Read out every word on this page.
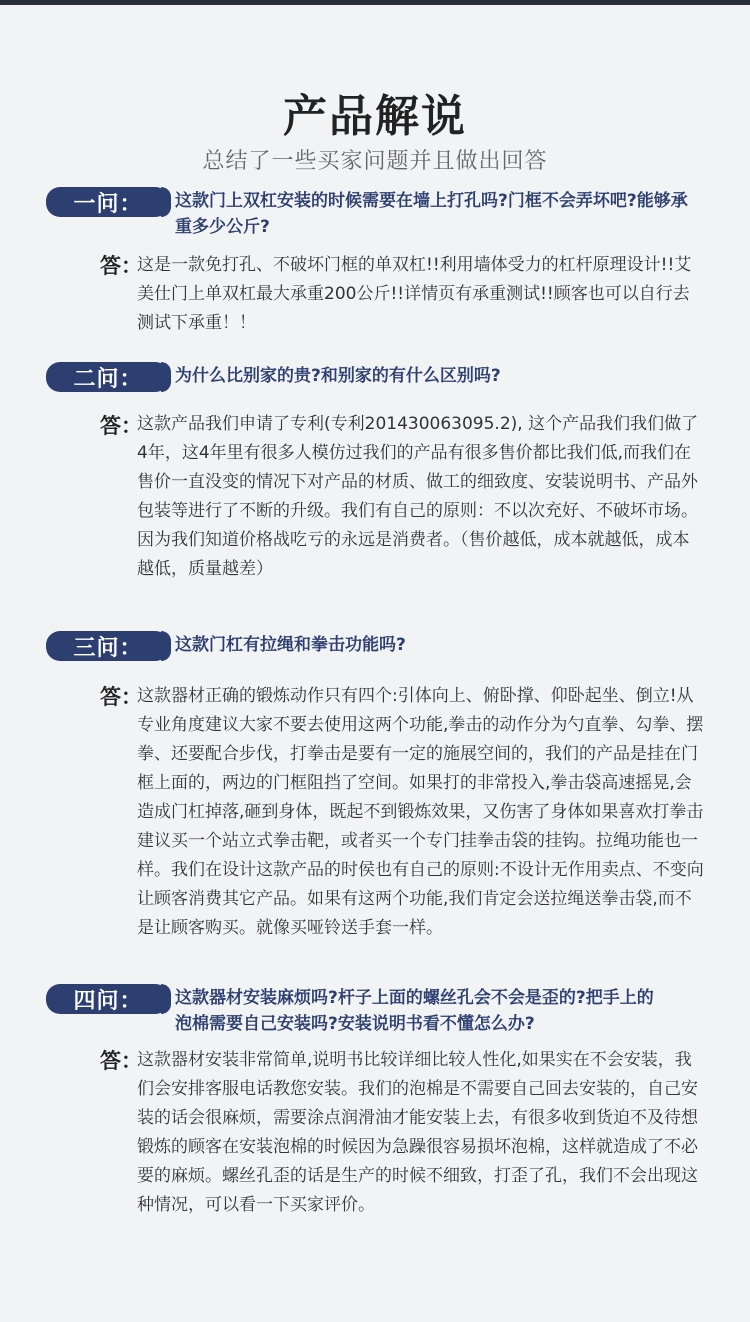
产品解说
总结了一些买家问题并且做出回答
一问：	这款门上双杠安装的时候需要在墙上打孔吗?门框不会弄坏吧?能够承重多少公斤?
答：
这是一款免打孔、不破坏门框的单双杠!!利用墙体受力的杠杆原理设计!!艾美仕门上单双杠最大承重200公斤!!详情页有承重测试!!顾客也可以自行去测试下承重！！
二问：	为什么比别家的贵?和别家的有什么区别吗?
答：
这款产品我们申请了专利(专利201430063095.2), 这个产品我们我们做了4年，这4年里有很多人模仿过我们的产品有很多售价都比我们低,而我们在售价一直没变的情况下对产品的材质、做工的细致度、安装说明书、产品外包装等进行了不断的升级。我们有自己的原则：不以次充好、不破坏市场。因为我们知道价格战吃亏的永远是消费者。（售价越低，成本就越低，成本越低，质量越差）
三问：	这款门杠有拉绳和拳击功能吗?
答：
这款器材正确的锻炼动作只有四个:引体向上、俯卧撑、仰卧起坐、倒立!从专业角度建议大家不要去使用这两个功能,拳击的动作分为勺直拳、勾拳、摆拳、还要配合步伐，打拳击是要有一定的施展空间的，我们的产品是挂在门框上面的，两边的门框阻挡了空间。如果打的非常投入,拳击袋高速摇晃,会造成门杠掉落,砸到身体，既起不到锻炼效果，又伤害了身体如果喜欢打拳击建议买一个站立式拳击靶，或者买一个专门挂拳击袋的挂钩。拉绳功能也一样。我们在设计这款产品的时侯也有自己的原则:不设计无作用卖点、不变向让顾客消费其它产品。如果有这两个功能,我们肯定会送拉绳送拳击袋,而不是让顾客购买。就像买哑铃送手套一样。
四问：	这款器材安装麻烦吗?杆子上面的螺丝孔会不会是歪的?把手上的泡棉需要自己安装吗?安装说明书看不懂怎么办?
答：
这款器材安装非常简单,说明书比较详细比较人性化,如果实在不会安装，我们会安排客服电话教您安装。我们的泡棉是不需要自己回去安装的，自己安装的话会很麻烦，需要涂点润滑油才能安装上去，有很多收到货迫不及待想锻炼的顾客在安装泡棉的时候因为急躁很容易损坏泡棉，这样就造成了不必要的麻烦。螺丝孔歪的话是生产的时候不细致，打歪了孔，我们不会出现这种情况，可以看一下买家评价。
